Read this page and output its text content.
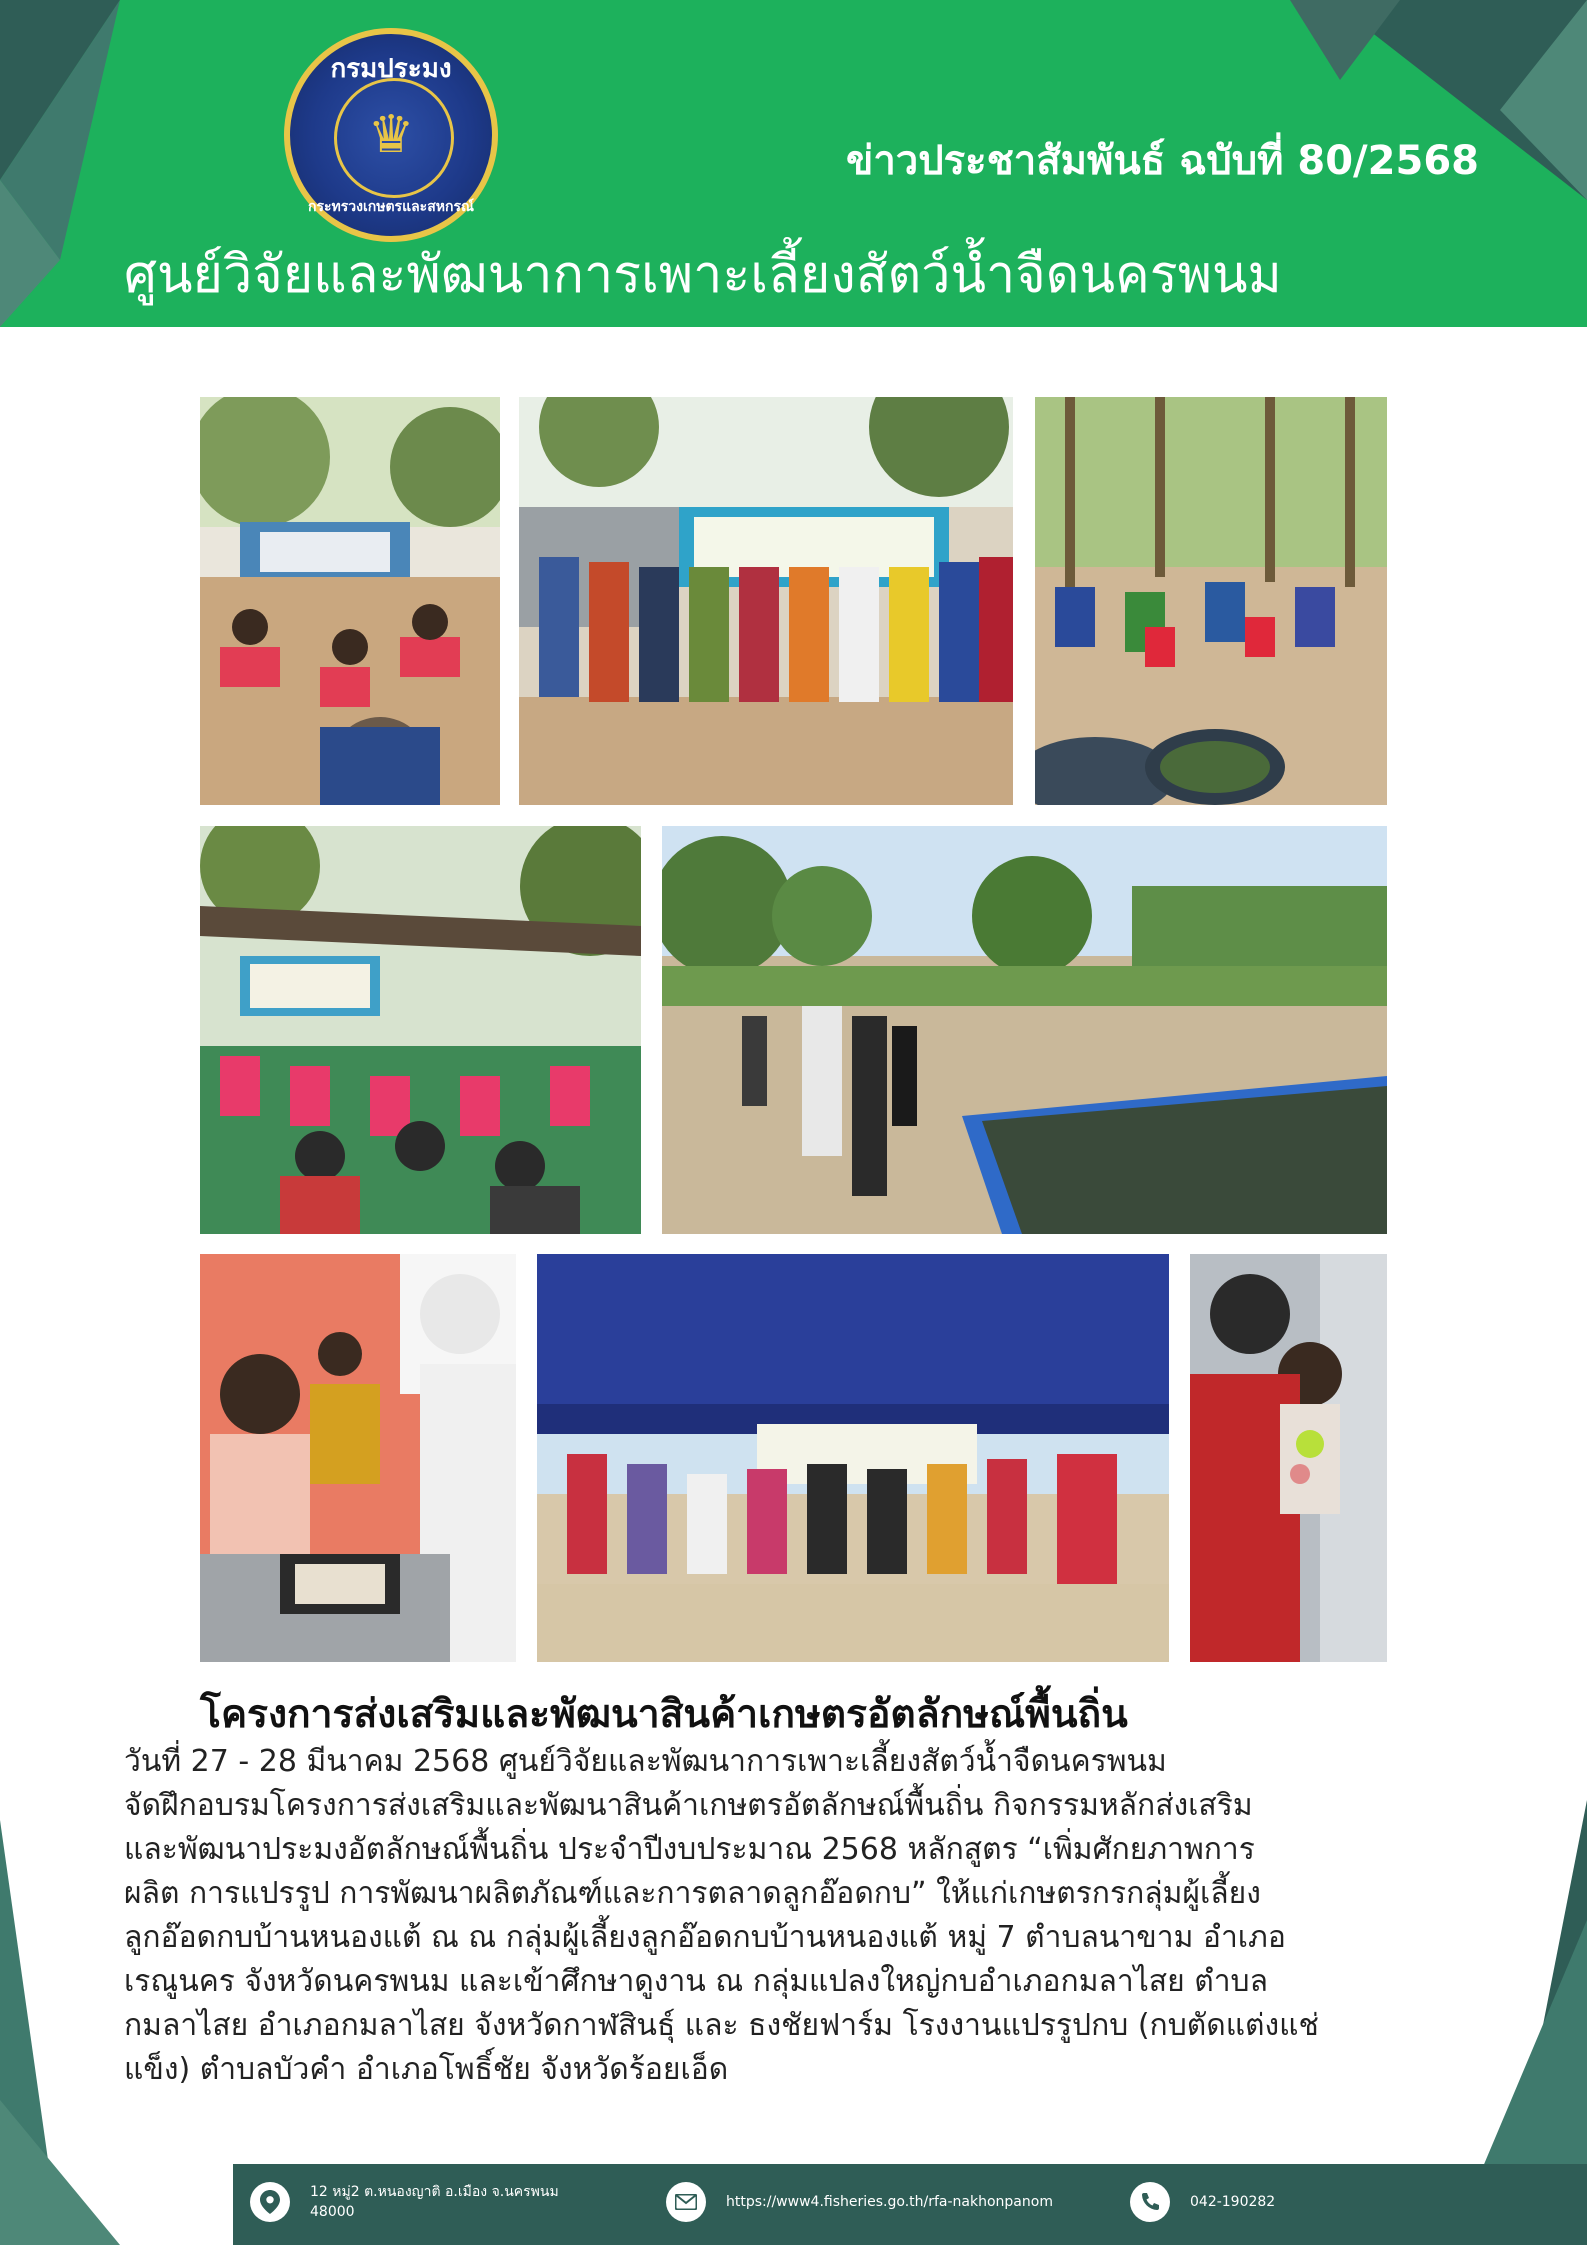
กรมประมง
♛
กระทรวงเกษตรและสหกรณ์
ข่าวประชาสัมพันธ์ ฉบับที่ 80/2568
ศูนย์วิจัยและพัฒนาการเพาะเลี้ยงสัตว์น้ำจืดนครพนม
โครงการส่งเสริมและพัฒนาสินค้าเกษตรอัตลักษณ์พื้นถิ่น
วันที่ 27 - 28 มีนาคม 2568 ศูนย์วิจัยและพัฒนาการเพาะเลี้ยงสัตว์น้ำจืดนครพนม
จัดฝึกอบรมโครงการส่งเสริมและพัฒนาสินค้าเกษตรอัตลักษณ์พื้นถิ่น กิจกรรมหลักส่งเสริม
และพัฒนาประมงอัตลักษณ์พื้นถิ่น ประจำปีงบประมาณ 2568 หลักสูตร “เพิ่มศักยภาพการ
ผลิต การแปรรูป การพัฒนาผลิตภัณฑ์และการตลาดลูกอ๊อดกบ” ให้แก่เกษตรกรกลุ่มผู้เลี้ยง
ลูกอ๊อดกบบ้านหนองแต้ ณ ณ กลุ่มผู้เลี้ยงลูกอ๊อดกบบ้านหนองแต้ หมู่ 7 ตำบลนาขาม อำเภอ
เรณูนคร จังหวัดนครพนม และเข้าศึกษาดูงาน ณ กลุ่มแปลงใหญ่กบอำเภอกมลาไสย ตำบล
กมลาไสย อำเภอกมลาไสย จังหวัดกาฬสินธุ์ และ ธงชัยฟาร์ม โรงงานแปรรูปกบ (กบตัดแต่งแช่
แข็ง) ตำบลบัวคำ อำเภอโพธิ์ชัย จังหวัดร้อยเอ็ด
12 หมู่2 ต.หนองญาติ อ.เมือง จ.นครพนม
48000
https://www4.fisheries.go.th/rfa-nakhonpanom	042-190282
